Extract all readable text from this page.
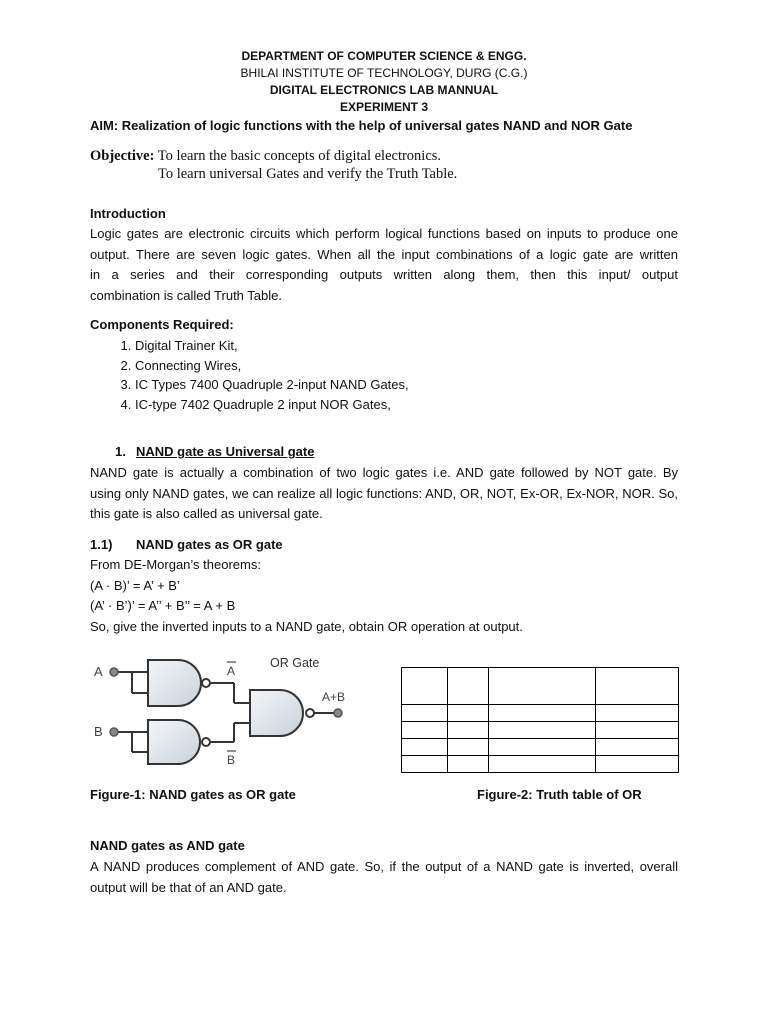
DEPARTMENT OF COMPUTER SCIENCE & ENGG.
BHILAI INSTITUTE OF TECHNOLOGY, DURG (C.G.)
DIGITAL ELECTRONICS LAB MANNUAL
EXPERIMENT 3
AIM: Realization of logic functions with the help of universal gates NAND and NOR Gate
Objective: To learn the basic concepts of digital electronics.
To learn universal Gates and verify the Truth Table.
Introduction
Logic gates are electronic circuits which perform logical functions based on inputs to produce one
output. There are seven logic gates. When all the input combinations of a logic gate are written
in a series and their corresponding outputs written along them, then this input/ output
combination is called Truth Table.
Components Required:
1. Digital Trainer Kit,
2. Connecting Wires,
3. IC Types 7400 Quadruple 2-input NAND Gates,
4. IC-type 7402 Quadruple 2 input NOR Gates,
1. NAND gate as Universal gate
NAND gate is actually a combination of two logic gates i.e. AND gate followed by NOT gate. By
using only NAND gates, we can realize all logic functions: AND, OR, NOT, Ex-OR, Ex-NOR, NOR. So,
this gate is also called as universal gate.
1.1) NAND gates as OR gate
From DE-Morgan’s theorems:
(A · B)’ = A’ + B’
(A’ · B’)’ = A’’ + B’’ = A + B
So, give the inverted inputs to a NAND gate, obtain OR operation at output.
A
B
OR Gate
A
B
A+B

Figure-1: NAND gates as OR gate	Figure-2: Truth table of OR
NAND gates as AND gate
A NAND produces complement of AND gate. So, if the output of a NAND gate is inverted, overall
output will be that of an AND gate.
